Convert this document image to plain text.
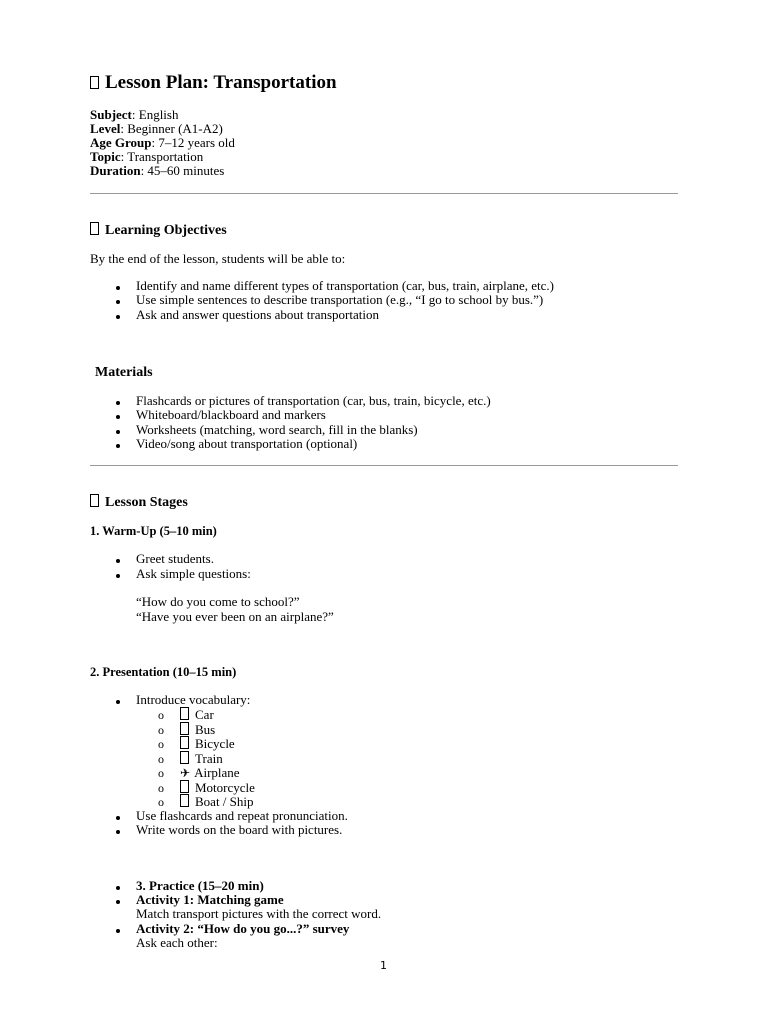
Lesson Plan: Transportation
Subject: English
Level: Beginner (A1-A2)
Age Group: 7–12 years old
Topic: Transportation
Duration: 45–60 minutes
Learning Objectives
By the end of the lesson, students will be able to:
Identify and name different types of transportation (car, bus, train, airplane, etc.)
Use simple sentences to describe transportation (e.g., “I go to school by bus.”)
Ask and answer questions about transportation
Materials
Flashcards or pictures of transportation (car, bus, train, bicycle, etc.)
Whiteboard/blackboard and markers
Worksheets (matching, word search, fill in the blanks)
Video/song about transportation (optional)
Lesson Stages
1. Warm-Up (5–10 min)
Greet students.
Ask simple questions:
“How do you come to school?”
“Have you ever been on an airplane?”
2. Presentation (10–15 min)
Introduce vocabulary:
o	Car
o	Bus
o	Bicycle
o	Train
o ✈ Airplane
o	Motorcycle
o	Boat / Ship
Use flashcards and repeat pronunciation.
Write words on the board with pictures.
3. Practice (15–20 min)
Activity 1: Matching game
Match transport pictures with the correct word.
Activity 2: “How do you go...?” survey
Ask each other:
1
